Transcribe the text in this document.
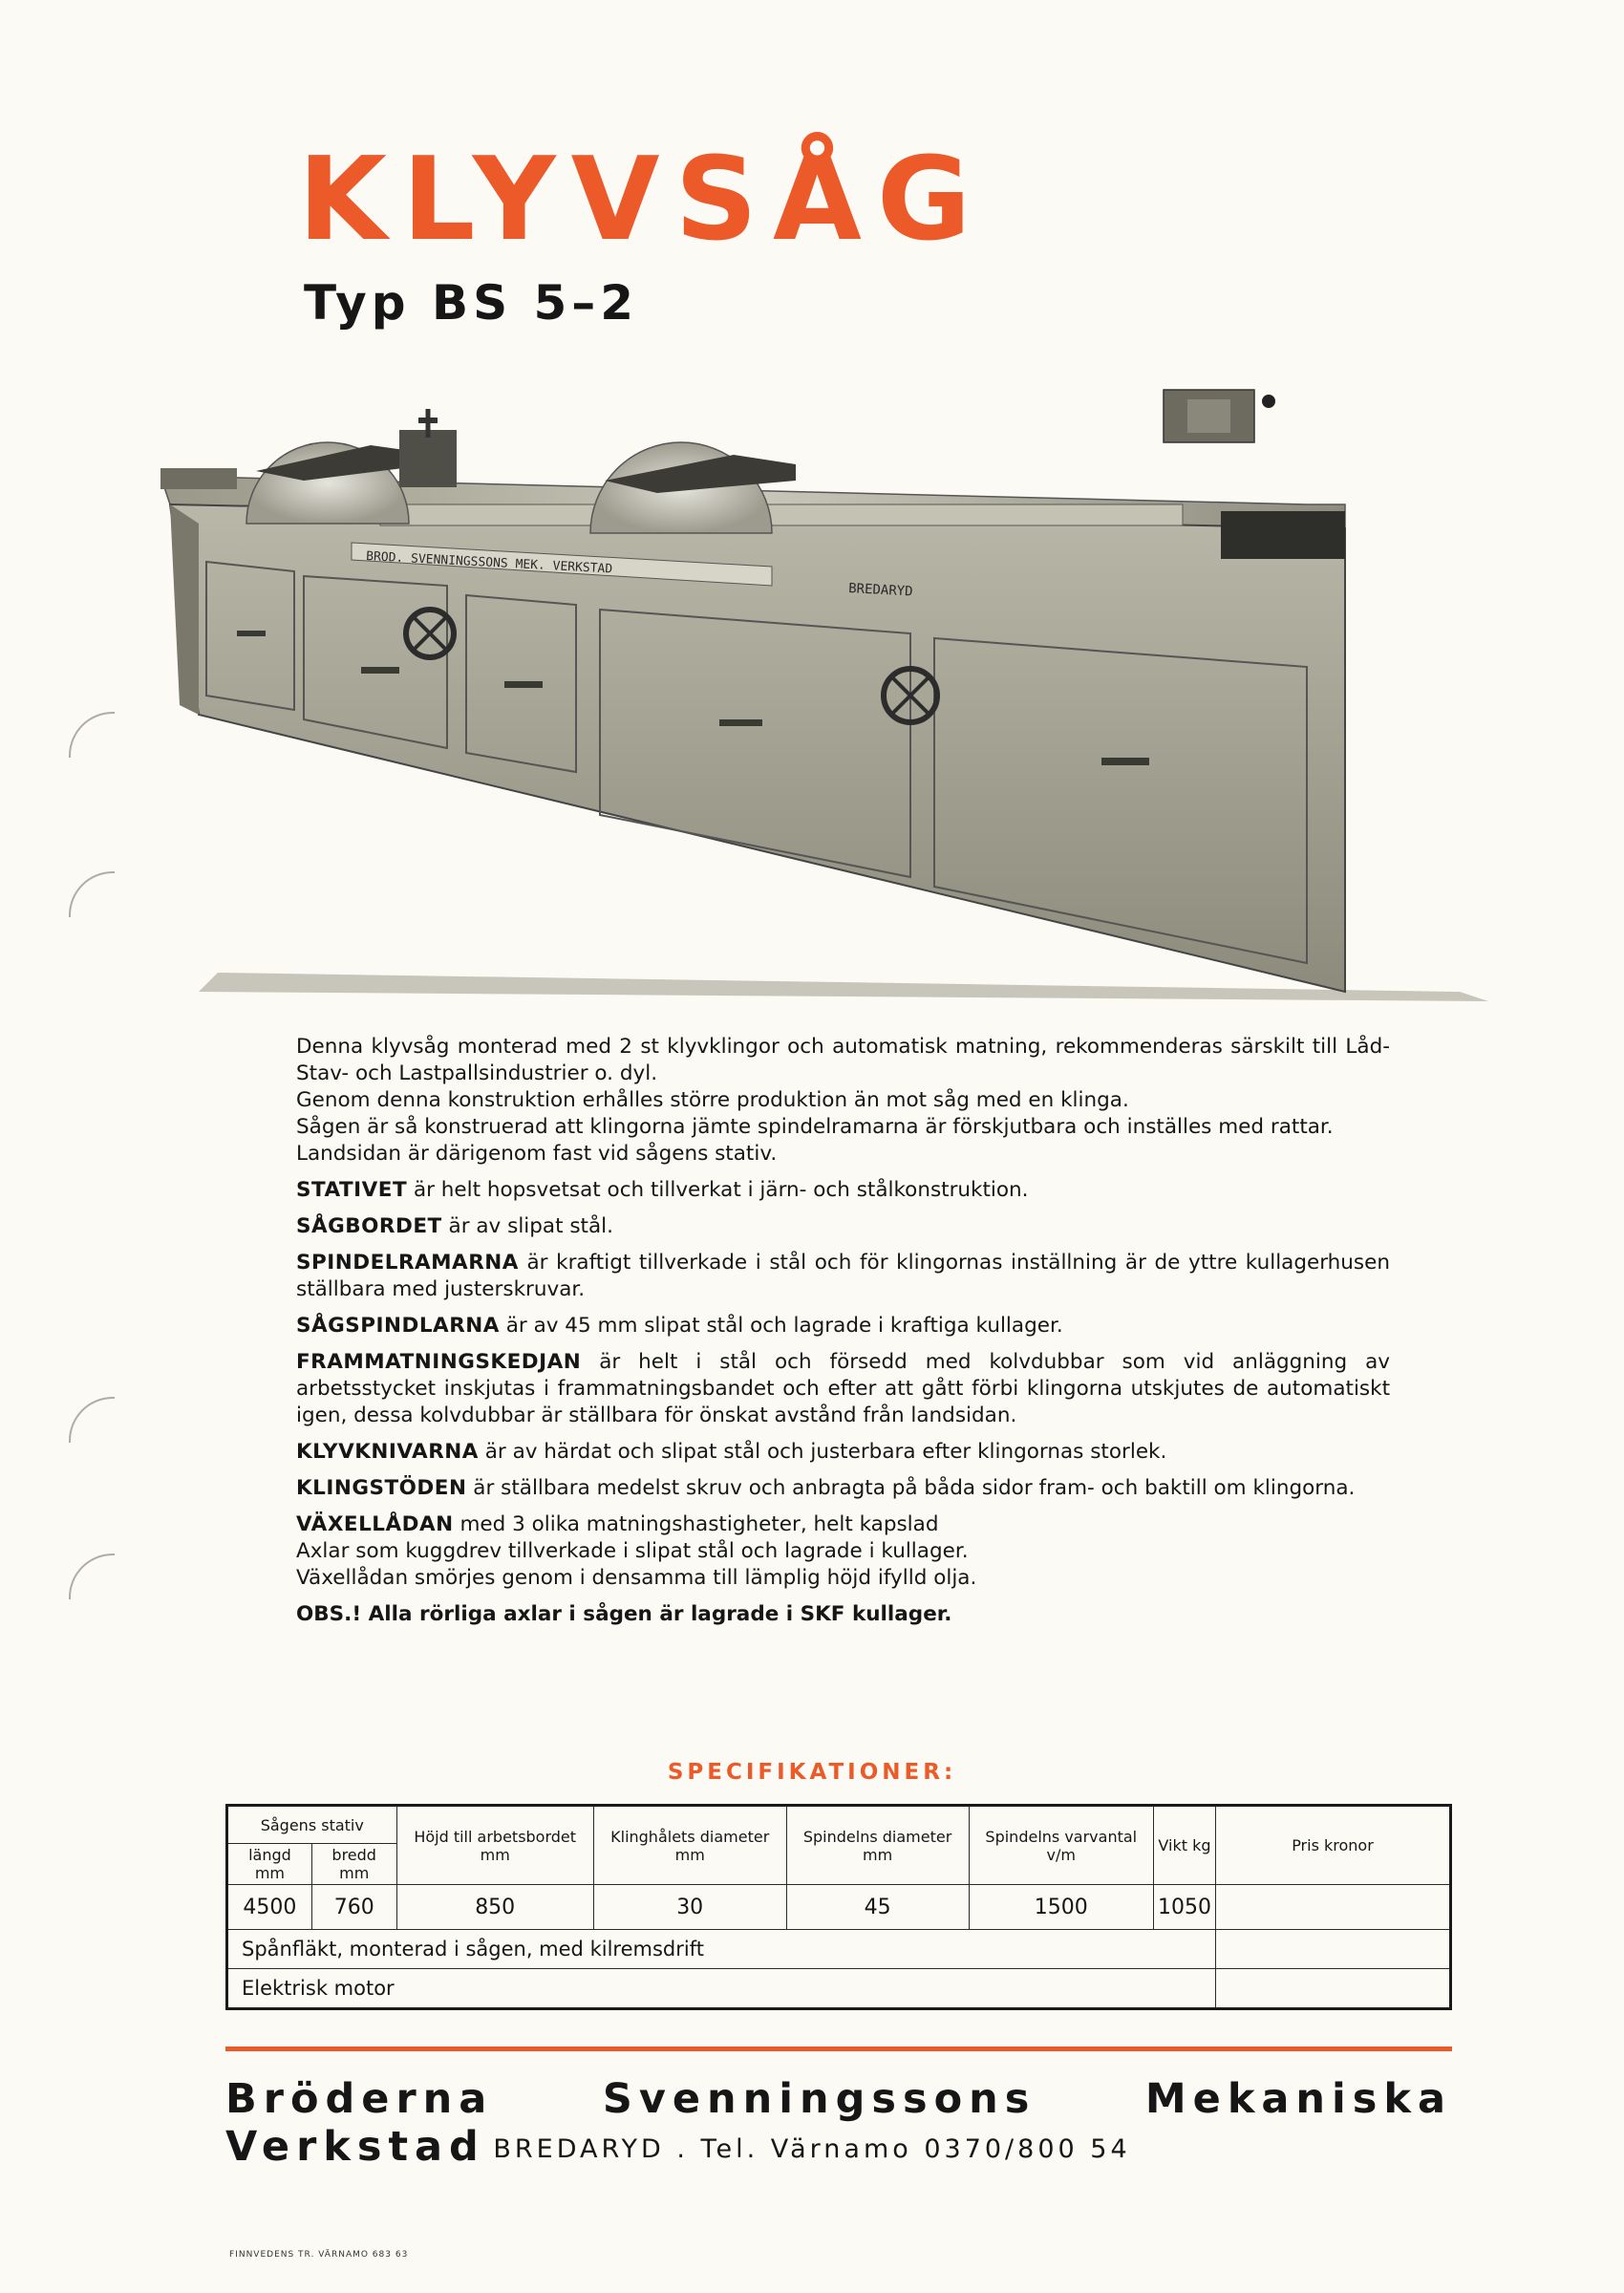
KLYVSÅG
Typ BS 5–2
BROD. SVENNINGSSONS MEK. VERKSTAD
BREDARYD

Denna klyvsåg monterad med 2 st klyvklingor och automatisk matning, rekommenderas särskilt till Låd- Stav- och Lastpallsindustrier o. dyl.
Genom denna konstruktion erhålles större produktion än mot såg med en klinga.
Sågen är så konstruerad att klingorna jämte spindelramarna är förskjutbara och inställes med rattar.
Landsidan är därigenom fast vid sågens stativ.

STATIVET är helt hopsvetsat och tillverkat i järn- och stålkonstruktion.

SÅGBORDET är av slipat stål.

SPINDELRAMARNA är kraftigt tillverkade i stål och för klingornas inställning är de yttre kullagerhusen ställbara med justerskruvar.

SÅGSPINDLARNA är av 45 mm slipat stål och lagrade i kraftiga kullager.

FRAMMATNINGSKEDJAN är helt i stål och försedd med kolvdubbar som vid anläggning av arbetsstycket inskjutas i frammatningsbandet och efter att gått förbi klingorna utskjutes de automatiskt igen, dessa kolvdubbar är ställbara för önskat avstånd från landsidan.

KLYVKNIVARNA är av härdat och slipat stål och justerbara efter klingornas storlek.

KLINGSTÖDEN är ställbara medelst skruv och anbragta på båda sidor fram- och baktill om klingorna.

VÄXELLÅDAN med 3 olika matningshastigheter, helt kapslad
Axlar som kuggdrev tillverkade i slipat stål och lagrade i kullager.
Växellådan smörjes genom i densamma till lämplig höjd ifylld olja.

OBS.! Alla rörliga axlar i sågen är lagrade i SKF kullager.

SPECIFIKATIONER:
Sågens stativ		Höjd till arbetsbordet mm	Klinghålets diameter mm	Spindelns diameter mm	Spindelns varvantal v/m	Vikt kg	Pris kronor
längd mm	bredd mm						
4500	760	850	30	45	1500	1050	
Spånfläkt, monterad i sågen, med kilremsdrift							
Elektrisk motor							
Bröderna Svenningssons Mekaniska Verkstad BREDARYD . Tel. Värnamo 0370/800 54
FINNVEDENS TR. VÄRNAMO 683 63
